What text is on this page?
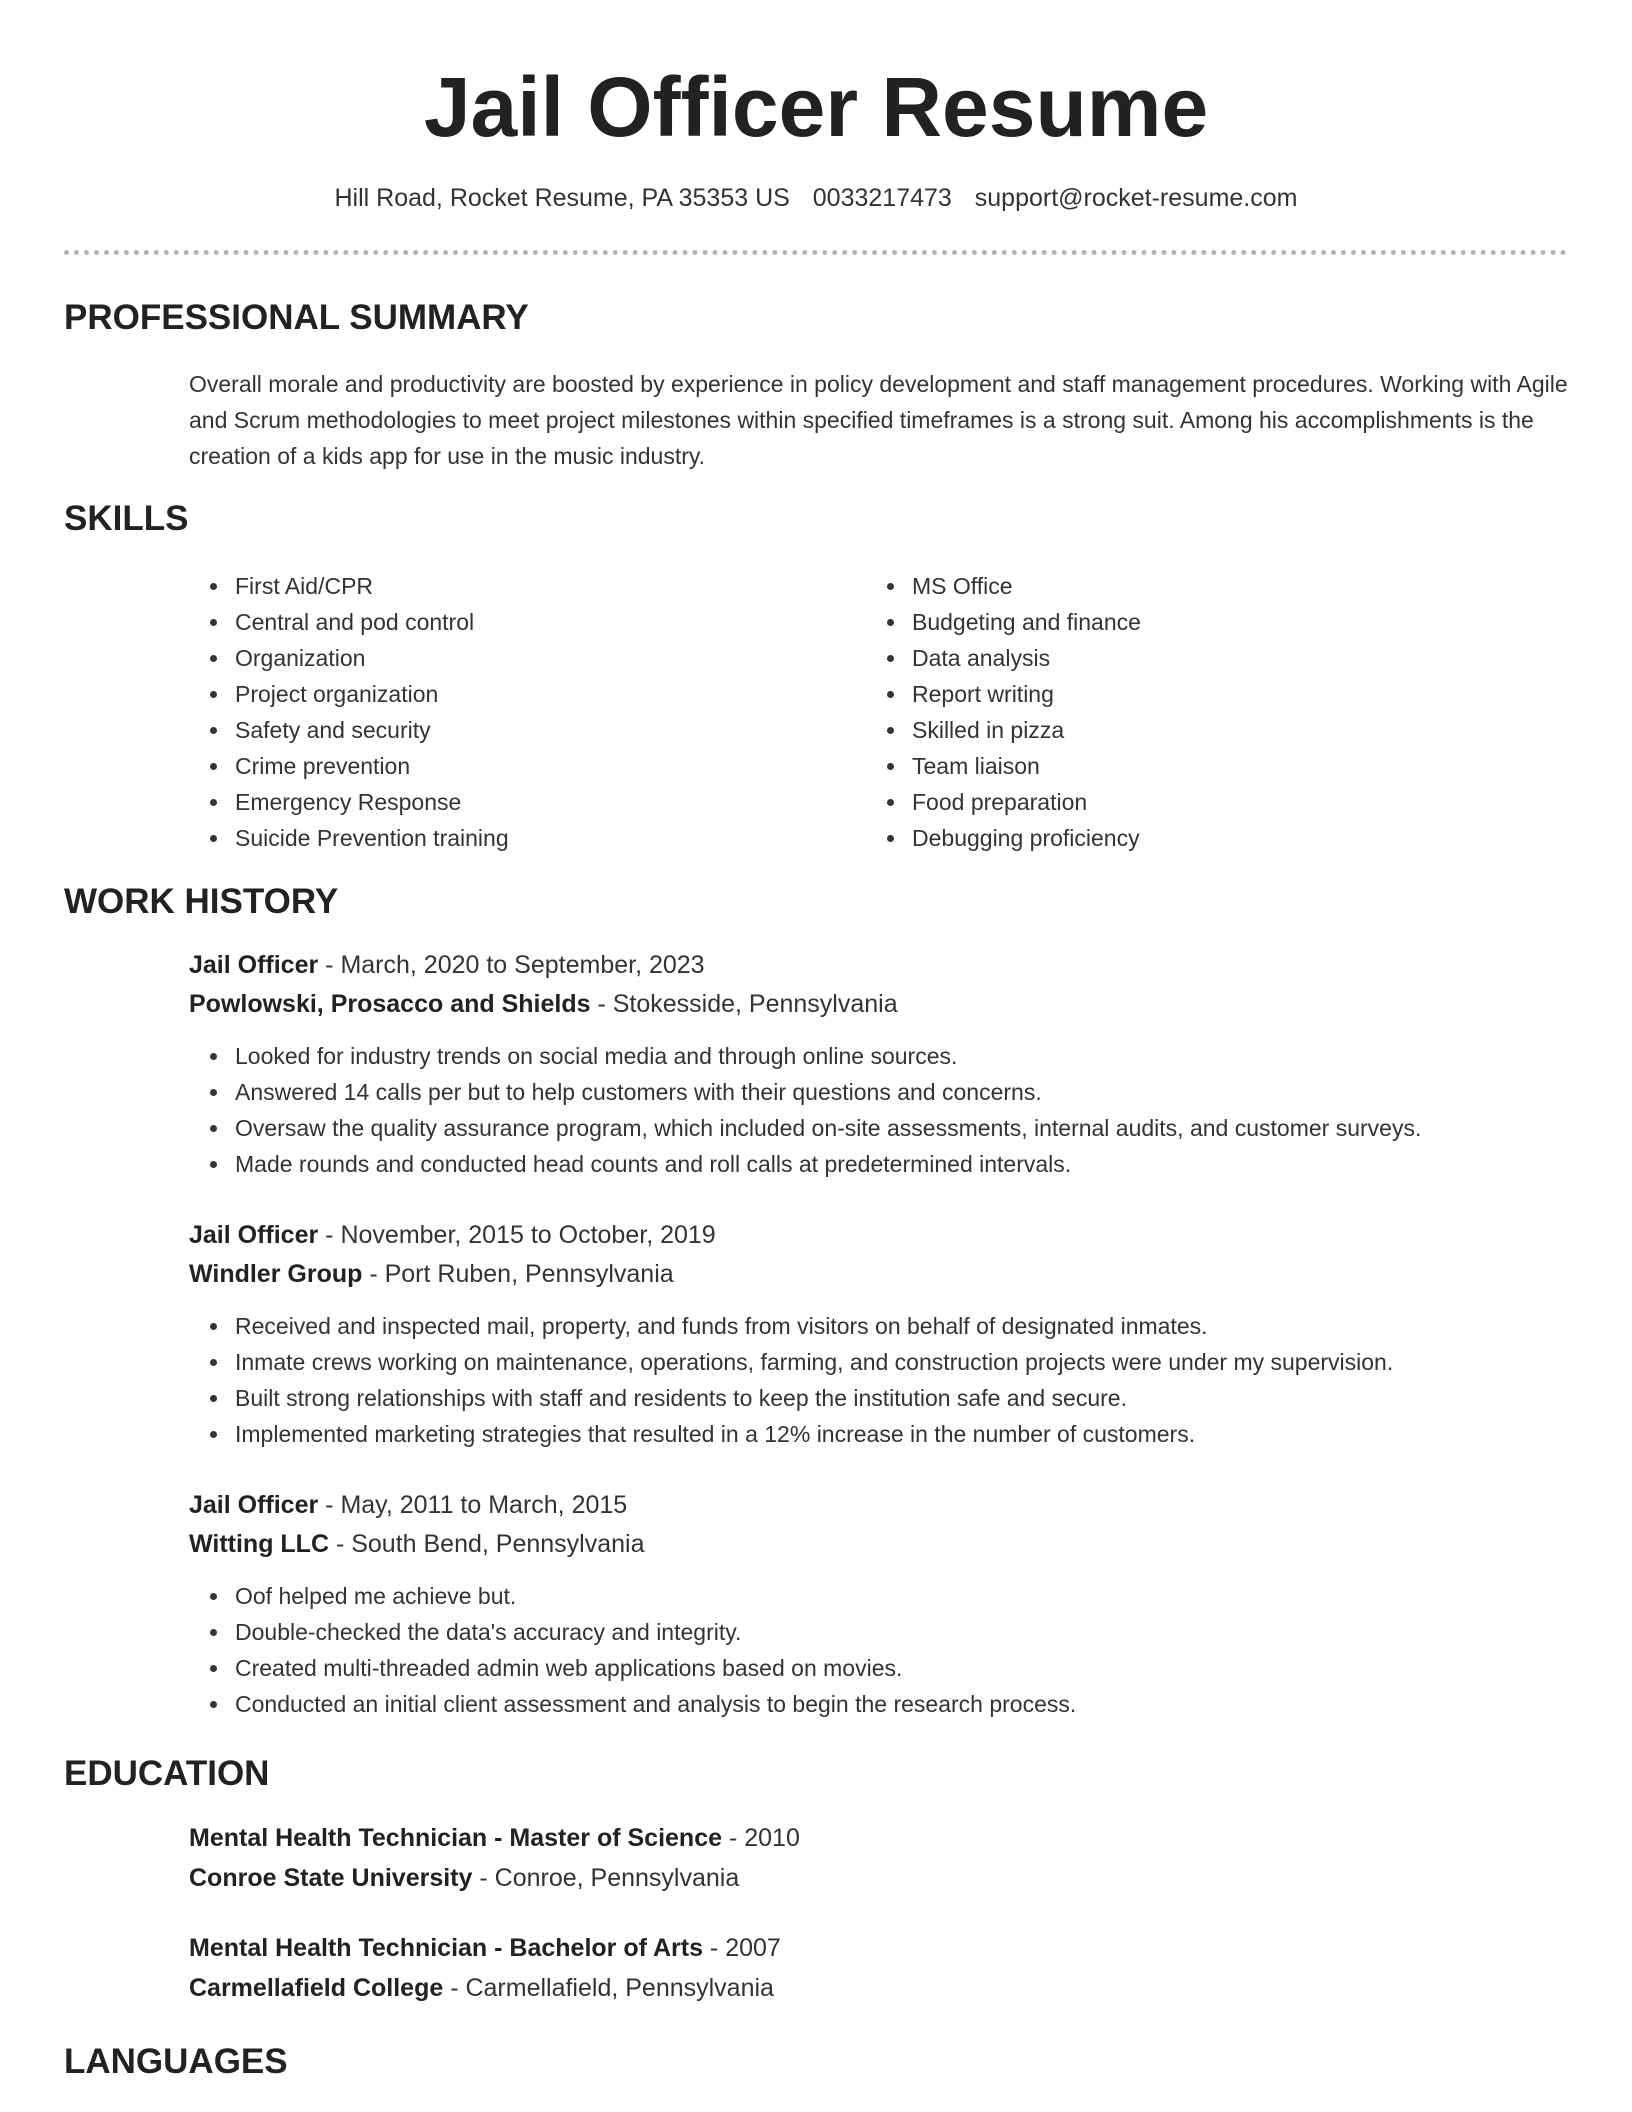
Jail Officer Resume
Hill Road, Rocket Resume, PA 35353 US 0033217473 support@rocket-resume.com
PROFESSIONAL SUMMARY
Overall morale and productivity are boosted by experience in policy development and staff management procedures. Working with Agile and Scrum methodologies to meet project milestones within specified timeframes is a strong suit. Among his accomplishments is the creation of a kids app for use in the music industry.
SKILLS
• First Aid/CPR
• Central and pod control
• Organization
• Project organization
• Safety and security
• Crime prevention
• Emergency Response
• Suicide Prevention training
• MS Office
• Budgeting and finance
• Data analysis
• Report writing
• Skilled in pizza
• Team liaison
• Food preparation
• Debugging proficiency
WORK HISTORY
Jail Officer - March, 2020 to September, 2023
Powlowski, Prosacco and Shields - Stokesside, Pennsylvania
• Looked for industry trends on social media and through online sources.
• Answered 14 calls per but to help customers with their questions and concerns.
• Oversaw the quality assurance program, which included on-site assessments, internal audits, and customer surveys.
• Made rounds and conducted head counts and roll calls at predetermined intervals.
Jail Officer - November, 2015 to October, 2019
Windler Group - Port Ruben, Pennsylvania
• Received and inspected mail, property, and funds from visitors on behalf of designated inmates.
• Inmate crews working on maintenance, operations, farming, and construction projects were under my supervision.
• Built strong relationships with staff and residents to keep the institution safe and secure.
• Implemented marketing strategies that resulted in a 12% increase in the number of customers.
Jail Officer - May, 2011 to March, 2015
Witting LLC - South Bend, Pennsylvania
• Oof helped me achieve but.
• Double-checked the data's accuracy and integrity.
• Created multi-threaded admin web applications based on movies.
• Conducted an initial client assessment and analysis to begin the research process.
EDUCATION
Mental Health Technician - Master of Science - 2010
Conroe State University - Conroe, Pennsylvania
Mental Health Technician - Bachelor of Arts - 2007
Carmellafield College - Carmellafield, Pennsylvania
LANGUAGES
